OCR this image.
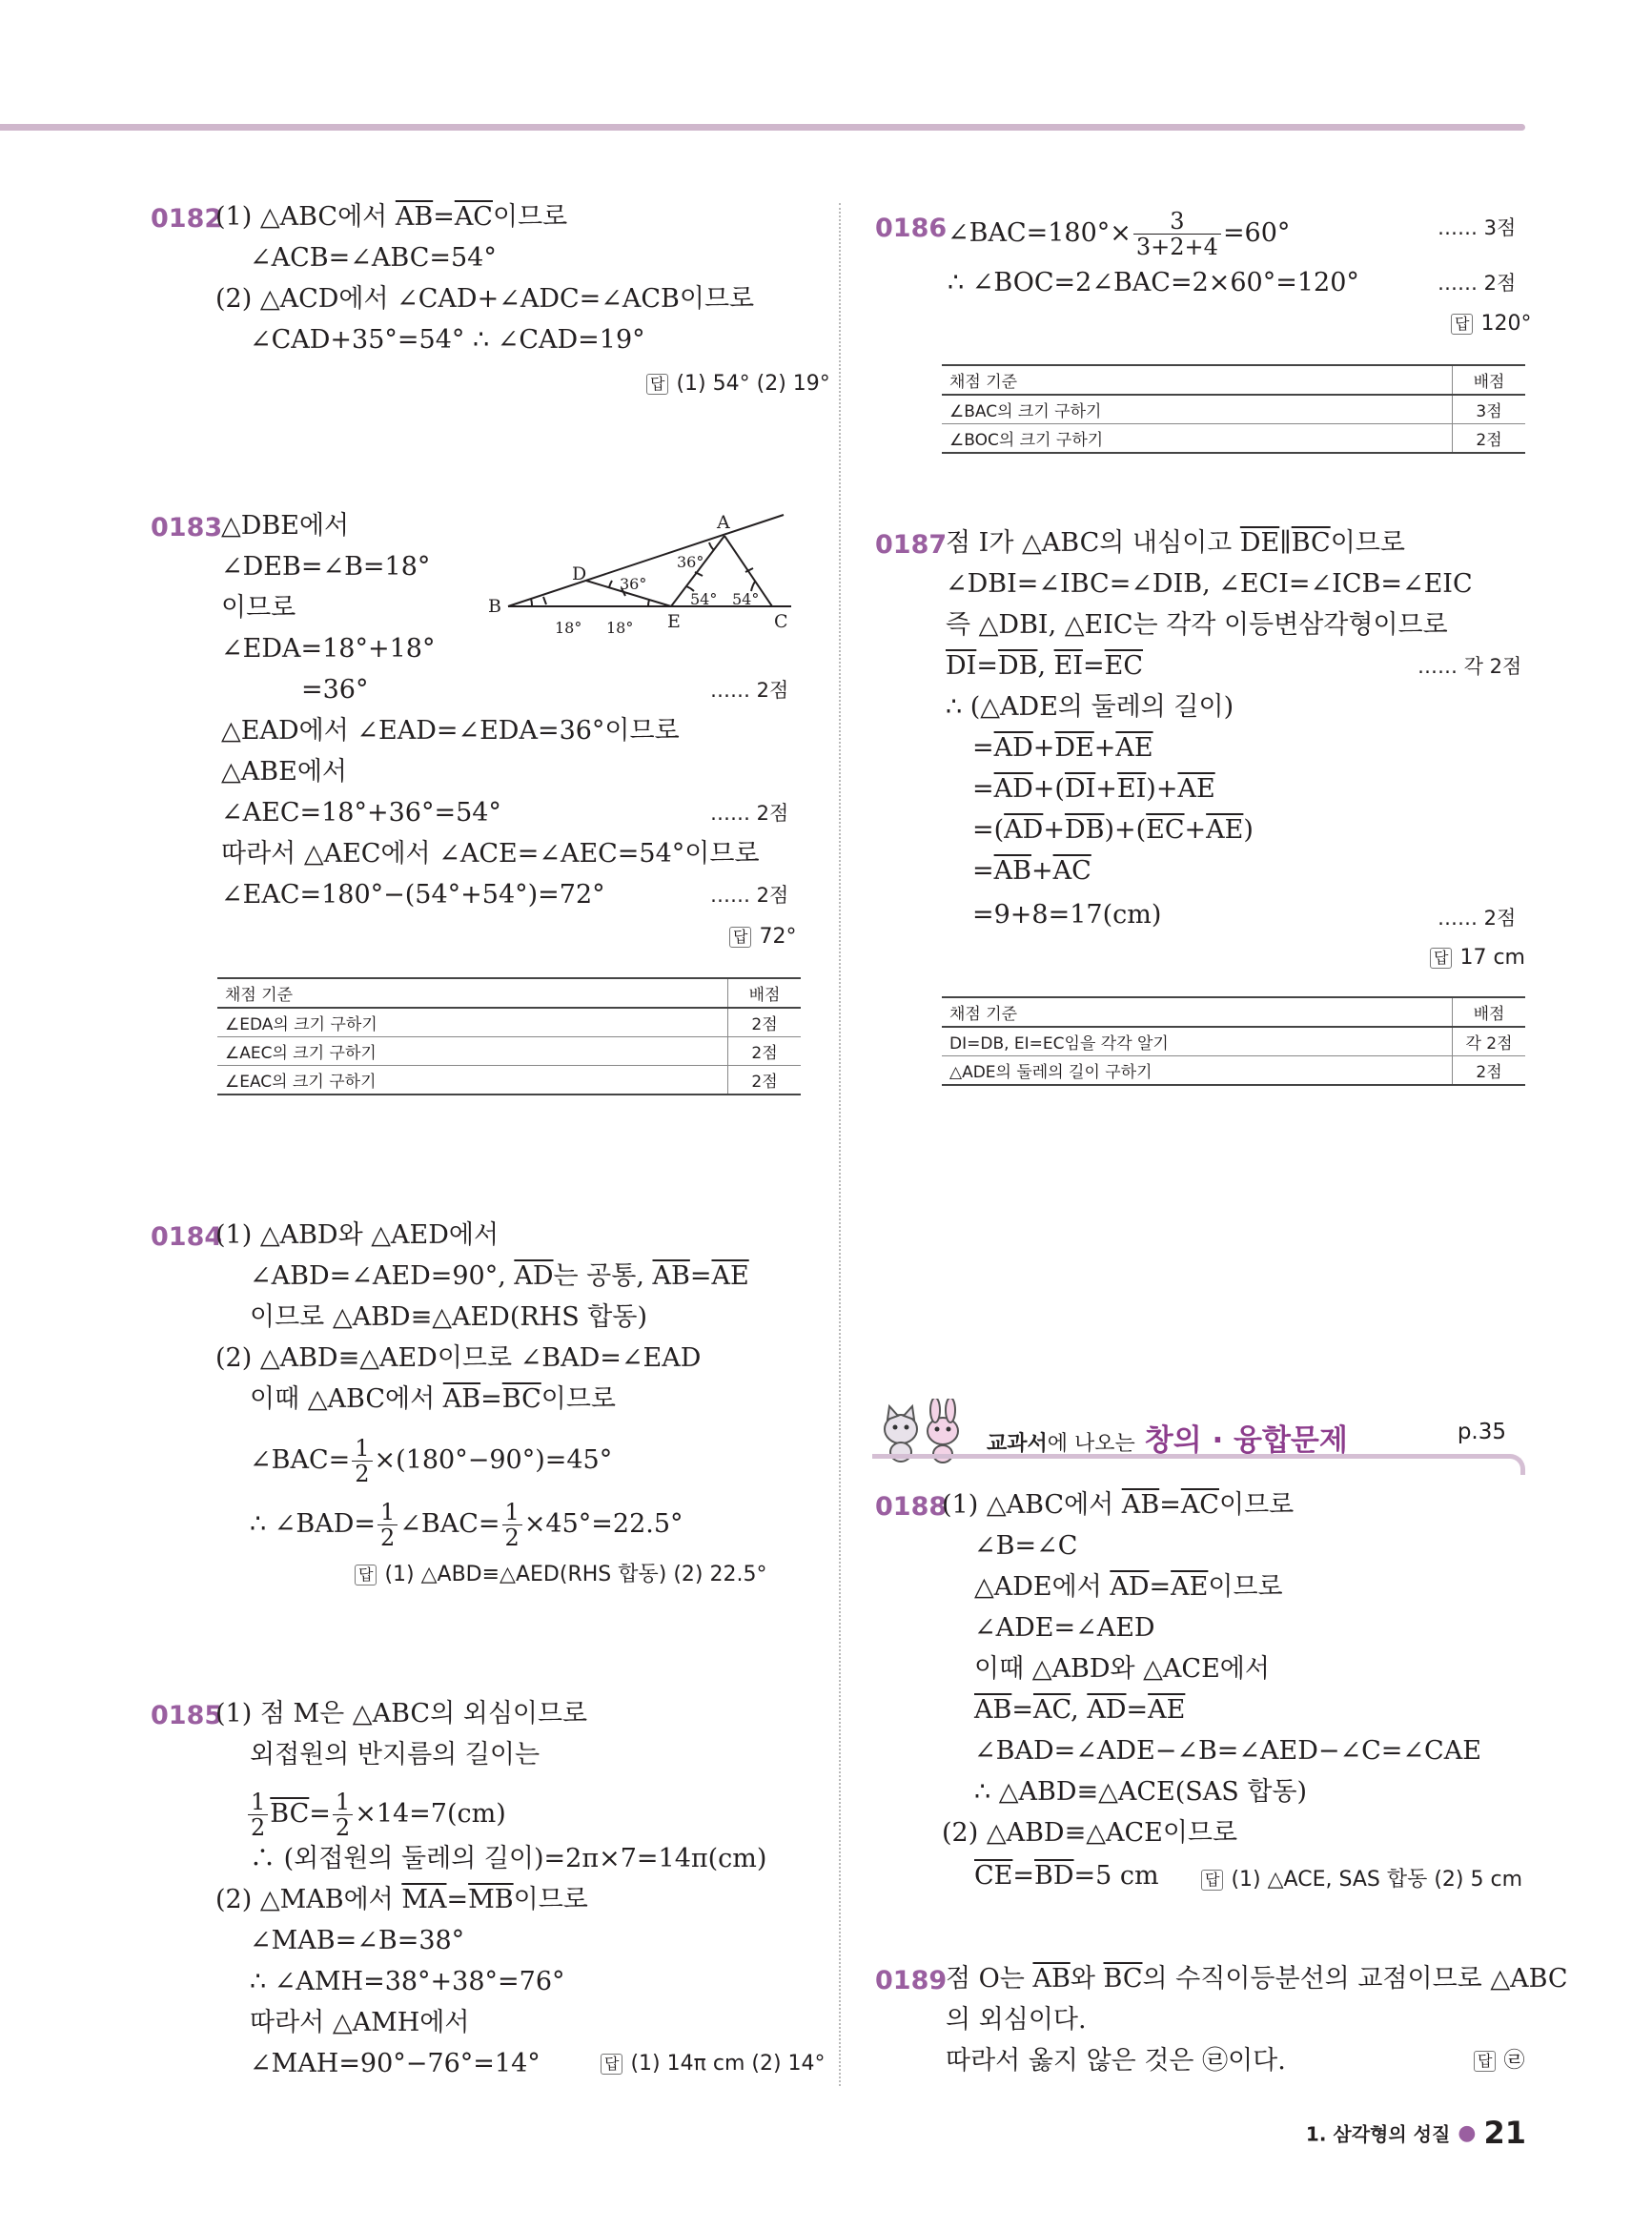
0182
(1) △ABC에서 $\overline{AB}=\overline{AC}$이므로
∠ACB=∠ABC=54°
(2) △ACD에서 ∠CAD+∠ADC=∠ACB이므로
∠CAD+35°=54° ∴ ∠CAD=19°
답 (1) 54° (2) 19°
0183
△DBE에서
∠DEB=∠B=18°
이므로
∠EDA=18°+18°
=36°	…… 2점
△EAD에서 ∠EAD=∠EDA=36°이므로
△ABE에서
∠AEC=18°+36°=54°	…… 2점
따라서 △AEC에서 ∠ACE=∠AEC=54°이므로
∠EAC=180°−(54°+54°)=72°	…… 2점
답 72°
A
B
C
D
E
36°
36°
54° 54°
18° 18°
채점 기준	배점
∠EDA의 크기 구하기	2점
∠AEC의 크기 구하기	2점
∠EAC의 크기 구하기	2점
0184
(1) △ABD와 △AED에서
∠ABD=∠AED=90°, $\overline{AD}$는 공통, $\overline{AB}=\overline{AE}$
이므로 △ABD≡△AED(RHS 합동)
(2) △ABD≡△AED이므로 ∠BAD=∠EAD
이때 △ABC에서 $\overline{AB}=\overline{BC}$이므로
∠BAC= $\frac{1}{2} \times(180^\circ-90^\circ)=45^\circ$
∴ ∠BAD= $\frac{1}{2}$ ∠BAC= $\frac{1}{2} \times 45^\circ=22.5^\circ$
답 (1) △ABD≡△AED(RHS 합동) (2) 22.5°
0185
(1) 점 M은 △ABC의 외심이므로
외접원의 반지름의 길이는
$\frac{1}{2} \overline{BC}= \frac{1}{2} \times 14=7(cm)$
∴ (외접원의 둘레의 길이)=2π×7=14π(cm)
(2) △MAB에서 $\overline{MA}=\overline{MB}$이므로
∠MAB=∠B=38°
∴ ∠AMH=38°+38°=76°
따라서 △AMH에서
∠MAH=90°−76°=14°	답 (1) 14π cm (2) 14°
0186 ∠BAC=180°× $\frac{3}{3+2+4} =60^\circ$	…… 3점
∴ ∠BOC=2∠BAC=2×60°=120°	…… 2점
답 120°
채점 기준	배점
∠BAC의 크기 구하기	3점
∠BOC의 크기 구하기	2점
0187
점 I가 △ABC의 내심이고 $\overline{DE}\parallel\overline{BC}$이므로
∠DBI=∠IBC=∠DIB, ∠ECI=∠ICB=∠EIC
즉 △DBI, △EIC는 각각 이등변삼각형이므로
$\overline{DI}=\overline{DB}$, $\overline{EI}=\overline{EC}$	…… 각 2점
∴ (△ADE의 둘레의 길이)
$=\overline{AD}+\overline{DE}+\overline{AE}$
$=\overline{AD}+(\overline{DI}+\overline{EI})+\overline{AE}$
$=(\overline{AD}+\overline{DB})+(\overline{EC}+\overline{AE})$
$=\overline{AB}+\overline{AC}$
=9+8=17(cm)	…… 2점
답 17 cm
채점 기준	배점
DI=DB, EI=EC임을 각각 알기	각 2점
△ADE의 둘레의 길이 구하기	2점
교과서에 나오는 창의 · 융합문제	p.35
0188
(1) △ABC에서 $\overline{AB}=\overline{AC}$이므로
∠B=∠C
△ADE에서 $\overline{AD}=\overline{AE}$이므로
∠ADE=∠AED
이때 △ABD와 △ACE에서
$\overline{AB}=\overline{AC}$, $\overline{AD}=\overline{AE}$
∠BAD=∠ADE−∠B=∠AED−∠C=∠CAE
∴ △ABD≡△ACE(SAS 합동)
(2) △ABD≡△ACE이므로
$\overline{CE}=\overline{BD}=5$ cm	답 (1) △ACE, SAS 합동 (2) 5 cm
0189
점 O는 $\overline{AB}$와 $\overline{BC}$의 수직이등분선의 교점이므로 △ABC
의 외심이다.
따라서 옳지 않은 것은 ㉣이다.	답 ㉣
1. 삼각형의 성질 ● 21
